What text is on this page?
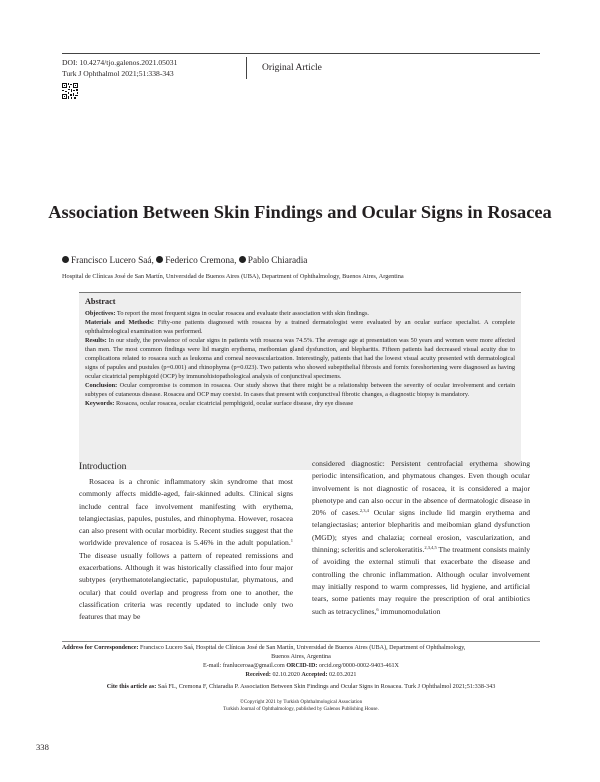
DOI: 10.4274/tjo.galenos.2021.05031
Turk J Ophthalmol 2021;51:338-343	Original Article
Association Between Skin Findings and Ocular Signs in Rosacea
Francisco Lucero Saá, Federico Cremona, Pablo Chiaradia
Hospital de Clínicas José de San Martín, Universidad de Buenos Aires (UBA), Department of Ophthalmology, Buenos Aires, Argentina
Abstract

Objectives: To report the most frequent signs in ocular rosacea and evaluate their association with skin findings.

Materials and Methods: Fifty-one patients diagnosed with rosacea by a trained dermatologist were evaluated by an ocular surface specialist. A complete ophthalmological examination was performed.

Results: In our study, the prevalence of ocular signs in patients with rosacea was 74.5%. The average age at presentation was 50 years and women were more affected than men. The most common findings were lid margin erythema, meibomian gland dysfunction, and blepharitis. Fifteen patients had decreased visual acuity due to complications related to rosacea such as leukoma and corneal neovascularization. Interestingly, patients that had the lowest visual acuity presented with dermatological signs of papules and pustules (p=0.001) and rhinophyma (p=0.023). Two patients who showed subepithelial fibrosis and fornix foreshortening were diagnosed as having ocular cicatricial pemphigoid (OCP) by immunohistopathological analysis of conjunctival specimens.

Conclusion: Ocular compromise is common in rosacea. Our study shows that there might be a relationship between the severity of ocular involvement and certain subtypes of cutaneous disease. Rosacea and OCP may coexist. In cases that present with conjunctival fibrotic changes, a diagnostic biopsy is mandatory.

Keywords: Rosacea, ocular rosacea, ocular cicatricial pemphigoid, ocular surface disease, dry eye disease

Introduction
Rosacea is a chronic inflammatory skin syndrome that most commonly affects middle-aged, fair-skinned adults. Clinical signs include central face involvement manifesting with erythema, telangiectasias, papules, pustules, and rhinophyma. However, rosacea can also present with ocular morbidity. Recent studies suggest that the worldwide prevalence of rosacea is 5.46% in the adult population.$^1$ The disease usually follows a pattern of repeated remissions and exacerbations. Although it was historically classified into four major subtypes (erythematotelangiectatic, papulopustular, phymatous, and ocular) that could overlap and progress from one to another, the classification criteria was recently updated to include only two features that may be
considered diagnostic: Persistent centrofacial erythema showing periodic intensification, and phymatous changes. Even though ocular involvement is not diagnostic of rosacea, it is considered a major phenotype and can also occur in the absence of dermatologic disease in 20% of cases.$^{2,3,4}$ Ocular signs include lid margin erythema and telangiectasias; anterior blepharitis and meibomian gland dysfunction (MGD); styes and chalazia; corneal erosion, vascularization, and thinning; scleritis and sclerokeratitis.$^{2,3,4,5}$ The treatment consists mainly of avoiding the external stimuli that exacerbate the disease and controlling the chronic inflammation. Although ocular involvement may initially respond to warm compresses, lid hygiene, and artificial tears, some patients may require the prescription of oral antibiotics such as tetracyclines,$^6$ immunomodulation
Address for Correspondence: Francisco Lucero Saá, Hospital de Clínicas José de San Martín, Universidad de Buenos Aires (UBA), Department of Ophthalmology,
Buenos Aires, Argentina
E-mail: franluceroaa@gmail.com ORCID-ID: orcid.org/0000-0002-9403-461X
Received: 02.10.2020 Accepted: 02.03.2021
Cite this article as: Saá FL, Cremona F, Chiaradia P. Association Between Skin Findings and Ocular Signs in Rosacea. Turk J Ophthalmol 2021;51:338-343
©Copyright 2021 by Turkish Ophthalmological Association
Turkish Journal of Ophthalmology, published by Galenos Publishing House.
338
